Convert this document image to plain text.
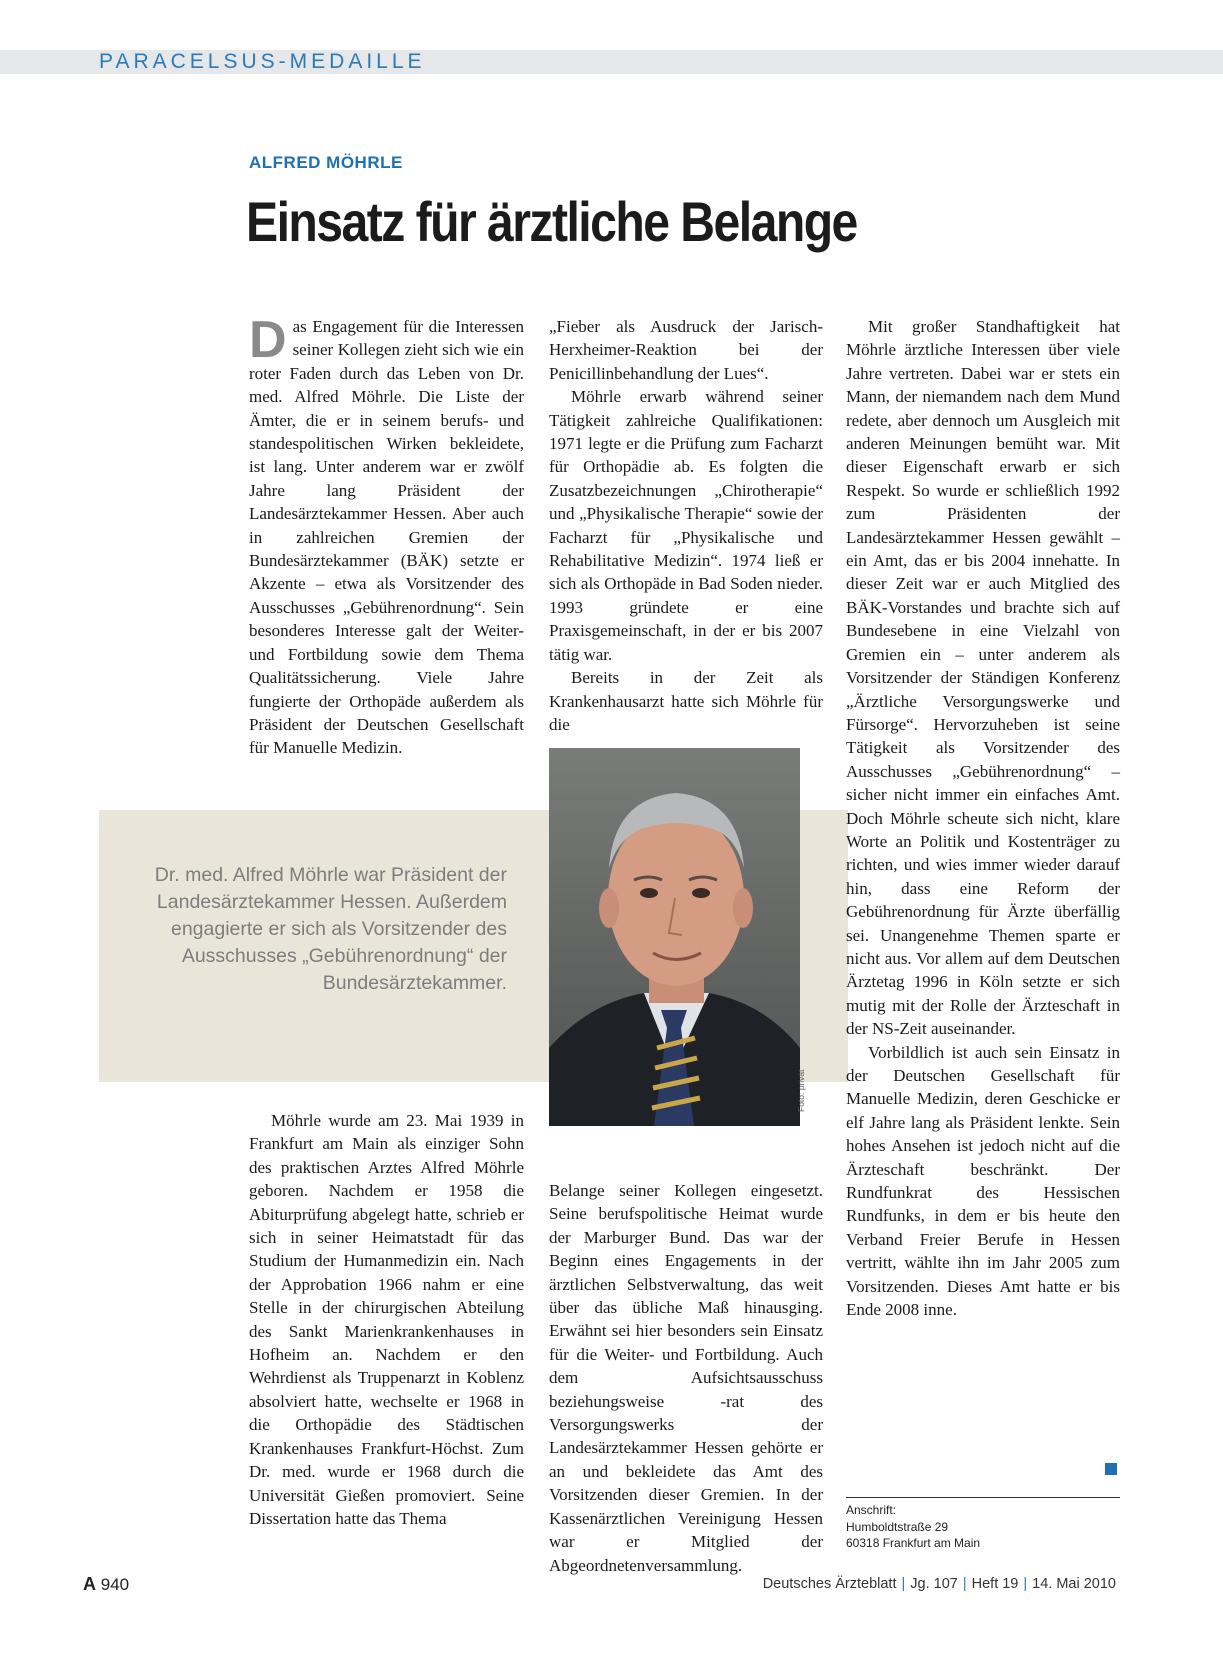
PARACELSUS-MEDAILLE
ALFRED MÖHRLE
Einsatz für ärztliche Belange
Dr. med. Alfred Möhrle war Präsident der Landesärztekammer Hessen. Außerdem engagierte er sich als Vorsitzender des Ausschusses „Gebührenordnung“ der Bundesärztekammer.

Das Engagement für die Interessen seiner Kollegen zieht sich wie ein roter Faden durch das Leben von Dr. med. Alfred Möhrle. Die Liste der Ämter, die er in seinem berufs- und standespolitischen Wirken bekleidete, ist lang. Unter anderem war er zwölf Jahre lang Präsident der Landesärztekammer Hessen. Aber auch in zahlreichen Gremien der Bundesärztekammer (BÄK) setzte er Akzente – etwa als Vorsitzender des Ausschusses „Gebührenordnung“. Sein besonderes Interesse galt der Weiter- und Fortbildung sowie dem Thema Qualitätssicherung. Viele Jahre fungierte der Orthopäde außerdem als Präsident der Deutschen Gesellschaft für Manuelle Medizin.

Möhrle wurde am 23. Mai 1939 in Frankfurt am Main als einziger Sohn des praktischen Arztes Alfred Möhrle geboren. Nachdem er 1958 die Abiturprüfung abgelegt hatte, schrieb er sich in seiner Heimatstadt für das Studium der Humanmedizin ein. Nach der Approbation 1966 nahm er eine Stelle in der chirurgischen Abteilung des Sankt Marienkrankenhauses in Hofheim an. Nachdem er den Wehrdienst als Truppenarzt in Koblenz absolviert hatte, wechselte er 1968 in die Orthopädie des Städtischen Krankenhauses Frankfurt-Höchst. Zum Dr. med. wurde er 1968 durch die Universität Gießen promoviert. Seine Dissertation hatte das Thema

„Fieber als Ausdruck der Jarisch-Herxheimer-Reaktion bei der Penicillinbehandlung der Lues“.

Möhrle erwarb während seiner Tätigkeit zahlreiche Qualifikationen: 1971 legte er die Prüfung zum Facharzt für Orthopädie ab. Es folgten die Zusatzbezeichnungen „Chirotherapie“ und „Physikalische Therapie“ sowie der Facharzt für „Physikalische und Rehabilitative Medizin“. 1974 ließ er sich als Orthopäde in Bad Soden nieder. 1993 gründete er eine Praxisgemeinschaft, in der er bis 2007 tätig war.

Bereits in der Zeit als Krankenhausarzt hatte sich Möhrle für die

Belange seiner Kollegen eingesetzt. Seine berufspolitische Heimat wurde der Marburger Bund. Das war der Beginn eines Engagements in der ärztlichen Selbstverwaltung, das weit über das übliche Maß hinausging. Erwähnt sei hier besonders sein Einsatz für die Weiter- und Fortbildung. Auch dem Aufsichtsausschuss beziehungsweise -rat des Versorgungswerks der Landesärztekammer Hessen gehörte er an und bekleidete das Amt des Vorsitzenden dieser Gremien. In der Kassenärztlichen Vereinigung Hessen war er Mitglied der Abgeordnetenversammlung.

Foto: privat

Mit großer Standhaftigkeit hat Möhrle ärztliche Interessen über viele Jahre vertreten. Dabei war er stets ein Mann, der niemandem nach dem Mund redete, aber dennoch um Ausgleich mit anderen Meinungen bemüht war. Mit dieser Eigenschaft erwarb er sich Respekt. So wurde er schließlich 1992 zum Präsidenten der Landesärztekammer Hessen gewählt – ein Amt, das er bis 2004 innehatte. In dieser Zeit war er auch Mitglied des BÄK-Vorstandes und brachte sich auf Bundesebene in eine Vielzahl von Gremien ein – unter anderem als Vorsitzender der Ständigen Konferenz „Ärztliche Versorgungswerke und Fürsorge“. Hervorzuheben ist seine Tätigkeit als Vorsitzender des Ausschusses „Gebührenordnung“ – sicher nicht immer ein einfaches Amt. Doch Möhrle scheute sich nicht, klare Worte an Politik und Kostenträger zu richten, und wies immer wieder darauf hin, dass eine Reform der Gebührenordnung für Ärzte überfällig sei. Unangenehme Themen sparte er nicht aus. Vor allem auf dem Deutschen Ärztetag 1996 in Köln setzte er sich mutig mit der Rolle der Ärzteschaft in der NS-Zeit auseinander.

Vorbildlich ist auch sein Einsatz in der Deutschen Gesellschaft für Manuelle Medizin, deren Geschicke er elf Jahre lang als Präsident lenkte. Sein hohes Ansehen ist jedoch nicht auf die Ärzteschaft beschränkt. Der Rundfunkrat des Hessischen Rundfunks, in dem er bis heute den Verband Freier Berufe in Hessen vertritt, wählte ihn im Jahr 2005 zum Vorsitzenden. Dieses Amt hatte er bis Ende 2008 inne.

Anschrift:
Humboldtstraße 29
60318 Frankfurt am Main
A 940	Deutsches Ärzteblatt | Jg. 107 | Heft 19 | 14. Mai 2010
